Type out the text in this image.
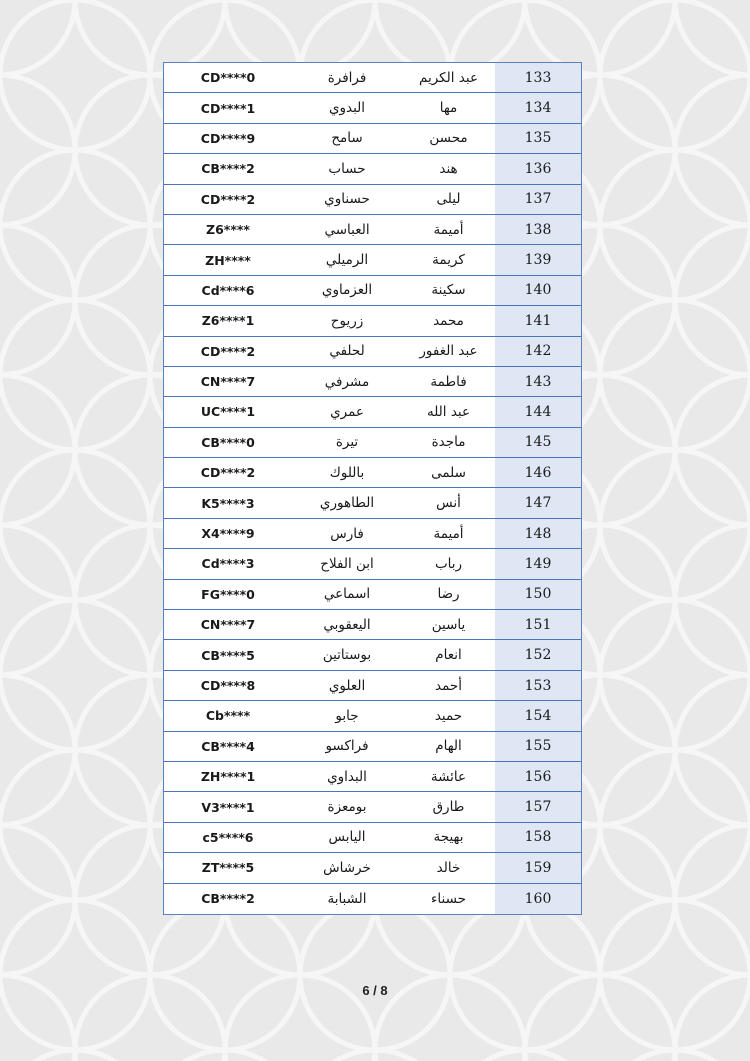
CD****0	فرافرة	عبد الكريم	133
CD****1	البدوي	مها	134
CD****9	سامح	محسن	135
CB****2	حساب	هند	136
CD****2	حسناوي	ليلى	137
Z6****	العباسي	أميمة	138
ZH****	الرميلي	كريمة	139
Cd****6	العزماوي	سكينة	140
Z6****1	زريوح	محمد	141
CD****2	لحلفي	عبد الغفور	142
CN****7	مشرفي	فاطمة	143
UC****1	عمري	عبد الله	144
CB****0	تيرة	ماجدة	145
CD****2	باللوك	سلمى	146
K5****3	الطاهوري	أنس	147
X4****9	فارس	أميمة	148
Cd****3	ابن الفلاح	رباب	149
FG****0	اسماعي	رضا	150
CN****7	اليعقوبي	ياسين	151
CB****5	بوستاتين	انعام	152
CD****8	العلوي	أحمد	153
Cb****	جابو	حميد	154
CB****4	فراكسو	الهام	155
ZH****1	البداوي	عائشة	156
V3****1	بومعزة	طارق	157
c5****6	اليابس	بهيجة	158
ZT****5	خرشاش	خالد	159
CB****2	الشبابة	حسناء	160
6 / 8
